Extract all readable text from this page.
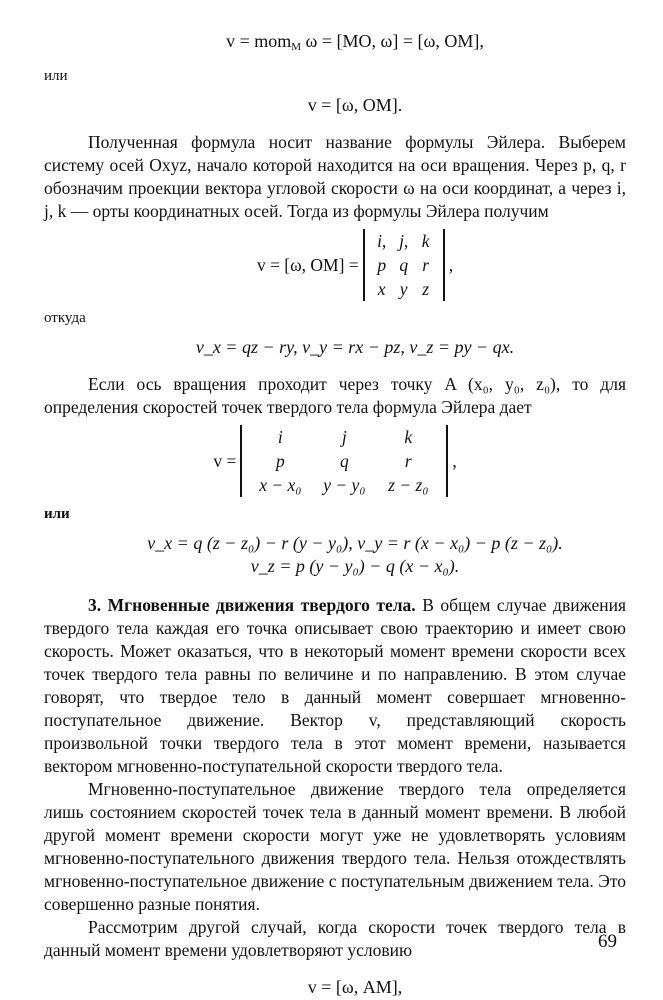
v = mom$_M$ ω = [MO, ω] = [ω, OM],
или
v = [ω, OM].

Полученная формула носит название формулы Эйлера. Выберем систему осей Oxyz, начало которой находится на оси вращения. Через p, q, r обозначим проекции вектора угловой скорости ω на оси координат, а через i, j, k — орты координатных осей. Тогда из формулы Эйлера получим

v = [ω, OM] =
i, j, k
p q r
x y z
,
откуда
v_x = qz − ry, v_y = rx − pz, v_z = py − qx.

Если ось вращения проходит через точку A (x₀, y₀, z₀), то для определения скоростей точек твердого тела формула Эйлера дает

v =
i	j	k
p	q	r
x − x₀	y − y₀	z − z₀
,
или
v_x = q (z − z₀) − r (y − y₀), v_y = r (x − x₀) − p (z − z₀).
v_z = p (y − y₀) − q (x − x₀).

3. Мгновенные движения твердого тела. В общем случае движения твердого тела каждая его точка описывает свою траекторию и имеет свою скорость. Может оказаться, что в некоторый момент времени скорости всех точек твердого тела равны по величине и по направлению. В этом случае говорят, что твердое тело в данный момент совершает мгновенно-поступательное движение. Вектор v, представляющий скорость произвольной точки твердого тела в этот момент времени, называется вектором мгновенно-поступательной скорости твердого тела.

Мгновенно-поступательное движение твердого тела определяется лишь состоянием скоростей точек тела в данный момент времени. В любой другой момент времени скорости могут уже не удовлетворять условиям мгновенно-поступательного движения твердого тела. Нельзя отождествлять мгновенно-поступательное движение с поступательным движением тела. Это совершенно разные понятия.

Рассмотрим другой случай, когда скорости точек твердого тела в данный момент времени удовлетворяют условию

v = [ω, AM],
69
